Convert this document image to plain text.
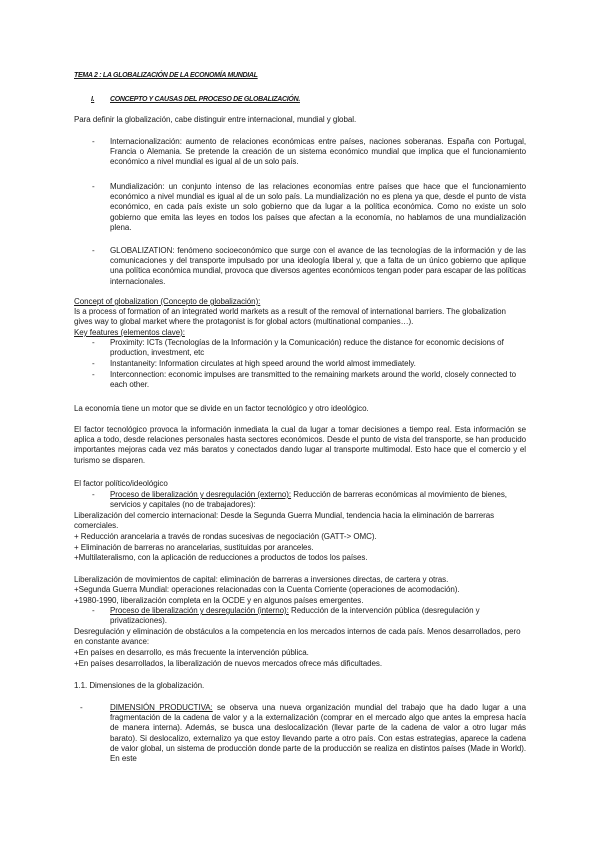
TEMA 2 : LA GLOBALIZACIÓN DE LA ECONOMÍA MUNDIAL
I. CONCEPTO Y CAUSAS DEL PROCESO DE GLOBALIZACIÓN.
Para definir la globalización, cabe distinguir entre internacional, mundial y global.
- Internacionalización: aumento de relaciones económicas entre países, naciones soberanas. España con Portugal, Francia o Alemania. Se pretende la creación de un sistema económico mundial que implica que el funcionamiento económico a nivel mundial es igual al de un solo país.
- Mundialización: un conjunto intenso de las relaciones economías entre países que hace que el funcionamiento económico a nivel mundial es igual al de un solo país. La mundialización no es plena ya que, desde el punto de vista económico, en cada país existe un solo gobierno que da lugar a la política económica. Como no existe un solo gobierno que emita las leyes en todos los países que afectan a la economía, no hablamos de una mundialización plena.
- GLOBALIZATION: fenómeno socioeconómico que surge con el avance de las tecnologías de la información y de las comunicaciones y del transporte impulsado por una ideología liberal y, que a falta de un único gobierno que aplique una política económica mundial, provoca que diversos agentes económicos tengan poder para escapar de las políticas internacionales.
Concept of globalization (Concepto de globalización):
Is a process of formation of an integrated world markets as a result of the removal of international barriers. The globalization gives way to global market where the protagonist is for global actors (multinational companies…).
Key features (elementos clave):
- Proximity: ICTs (Tecnologías de la Información y la Comunicación) reduce the distance for economic decisions of production, investment, etc
- Instantaneity: Information circulates at high speed around the world almost immediately.
- Interconnection: economic impulses are transmitted to the remaining markets around the world, closely connected to each other.
La economía tiene un motor que se divide en un factor tecnológico y otro ideológico.
El factor tecnológico provoca la información inmediata la cual da lugar a tomar decisiones a tiempo real. Esta información se aplica a todo, desde relaciones personales hasta sectores económicos. Desde el punto de vista del transporte, se han producido importantes mejoras cada vez más baratos y conectados dando lugar al transporte multimodal. Esto hace que el comercio y el turismo se disparen.
El factor político/ideológico
- Proceso de liberalización y desregulación (externo): Reducción de barreras económicas al movimiento de bienes, servicios y capitales (no de trabajadores):
Liberalización del comercio internacional: Desde la Segunda Guerra Mundial, tendencia hacia la eliminación de barreras comerciales.
+ Reducción arancelaria a través de rondas sucesivas de negociación (GATT-> OMC).
+ Eliminación de barreras no arancelarias, sustituidas por aranceles.
+Multilateralismo, con la aplicación de reducciones a productos de todos los países.
Liberalización de movimientos de capital: eliminación de barreras a inversiones directas, de cartera y otras.
+Segunda Guerra Mundial: operaciones relacionadas con la Cuenta Corriente (operaciones de acomodación).
+1980-1990, liberalización completa en la OCDE y en algunos países emergentes.
- Proceso de liberalización y desregulación (interno): Reducción de la intervención pública (desregulación y privatizaciones).
Desregulación y eliminación de obstáculos a la competencia en los mercados internos de cada país. Menos desarrollados, pero en constante avance:
+En países en desarrollo, es más frecuente la intervención pública.
+En países desarrollados, la liberalización de nuevos mercados ofrece más dificultades.
1.1. Dimensiones de la globalización.
-	DIMENSIÓN PRODUCTIVA: se observa una nueva organización mundial del trabajo que ha dado lugar a una fragmentación de la cadena de valor y a la externalización (comprar en el mercado algo que antes la empresa hacía de manera interna). Además, se busca una deslocalización (llevar parte de la cadena de valor a otro lugar más barato). Si deslocalizo, externalizo ya que estoy llevando parte a otro país. Con estas estrategias, aparece la cadena de valor global, un sistema de producción donde parte de la producción se realiza en distintos países (Made in World). En este
